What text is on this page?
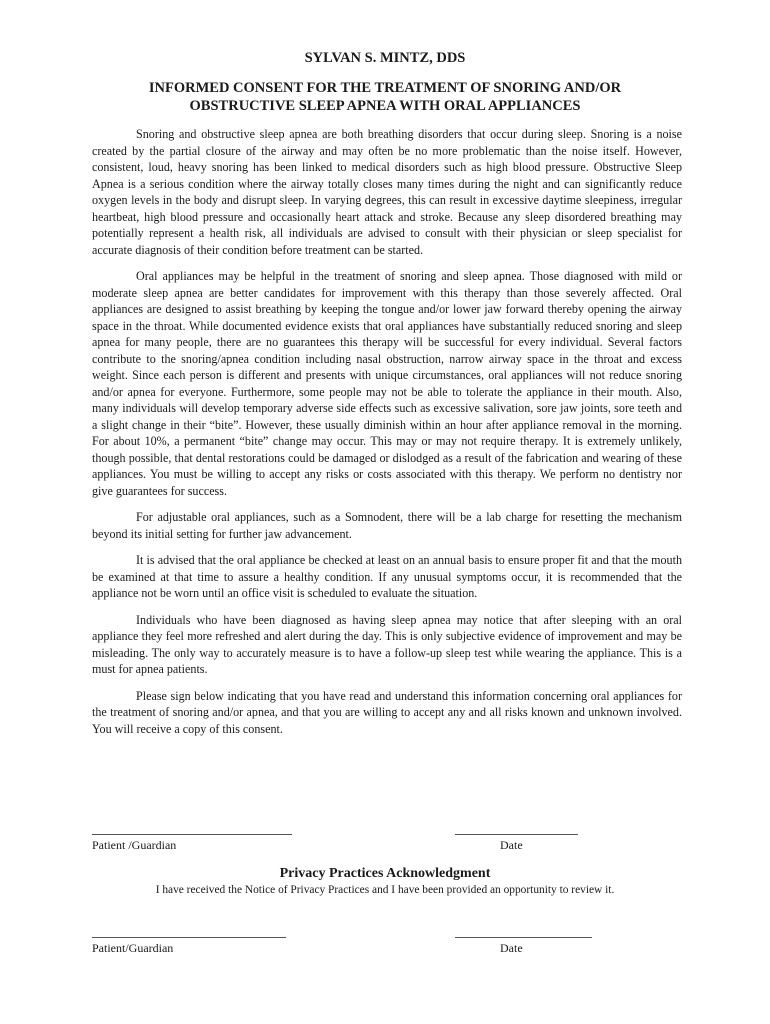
SYLVAN S. MINTZ, DDS
INFORMED CONSENT FOR THE TREATMENT OF SNORING AND/OR
OBSTRUCTIVE SLEEP APNEA WITH ORAL APPLIANCES

Snoring and obstructive sleep apnea are both breathing disorders that occur during sleep. Snoring is a noise created by the partial closure of the airway and may often be no more problematic than the noise itself. However, consistent, loud, heavy snoring has been linked to medical disorders such as high blood pressure. Obstructive Sleep Apnea is a serious condition where the airway totally closes many times during the night and can significantly reduce oxygen levels in the body and disrupt sleep. In varying degrees, this can result in excessive daytime sleepiness, irregular heartbeat, high blood pressure and occasionally heart attack and stroke. Because any sleep disordered breathing may potentially represent a health risk, all individuals are advised to consult with their physician or sleep specialist for accurate diagnosis of their condition before treatment can be started.

Oral appliances may be helpful in the treatment of snoring and sleep apnea. Those diagnosed with mild or moderate sleep apnea are better candidates for improvement with this therapy than those severely affected. Oral appliances are designed to assist breathing by keeping the tongue and/or lower jaw forward thereby opening the airway space in the throat. While documented evidence exists that oral appliances have substantially reduced snoring and sleep apnea for many people, there are no guarantees this therapy will be successful for every individual. Several factors contribute to the snoring/apnea condition including nasal obstruction, narrow airway space in the throat and excess weight. Since each person is different and presents with unique circumstances, oral appliances will not reduce snoring and/or apnea for everyone. Furthermore, some people may not be able to tolerate the appliance in their mouth. Also, many individuals will develop temporary adverse side effects such as excessive salivation, sore jaw joints, sore teeth and a slight change in their “bite”. However, these usually diminish within an hour after appliance removal in the morning. For about 10%, a permanent “bite” change may occur. This may or may not require therapy. It is extremely unlikely, though possible, that dental restorations could be damaged or dislodged as a result of the fabrication and wearing of these appliances. You must be willing to accept any risks or costs associated with this therapy. We perform no dentistry nor give guarantees for success.

For adjustable oral appliances, such as a Somnodent, there will be a lab charge for resetting the mechanism beyond its initial setting for further jaw advancement.

It is advised that the oral appliance be checked at least on an annual basis to ensure proper fit and that the mouth be examined at that time to assure a healthy condition. If any unusual symptoms occur, it is recommended that the appliance not be worn until an office visit is scheduled to evaluate the situation.

Individuals who have been diagnosed as having sleep apnea may notice that after sleeping with an oral appliance they feel more refreshed and alert during the day. This is only subjective evidence of improvement and may be misleading. The only way to accurately measure is to have a follow-up sleep test while wearing the appliance. This is a must for apnea patients.

Please sign below indicating that you have read and understand this information concerning oral appliances for the treatment of snoring and/or apnea, and that you are willing to accept any and all risks known and unknown involved. You will receive a copy of this consent.

Patient /Guardian	Date
Privacy Practices Acknowledgment
I have received the Notice of Privacy Practices and I have been provided an opportunity to review it.
Patient/Guardian	Date
